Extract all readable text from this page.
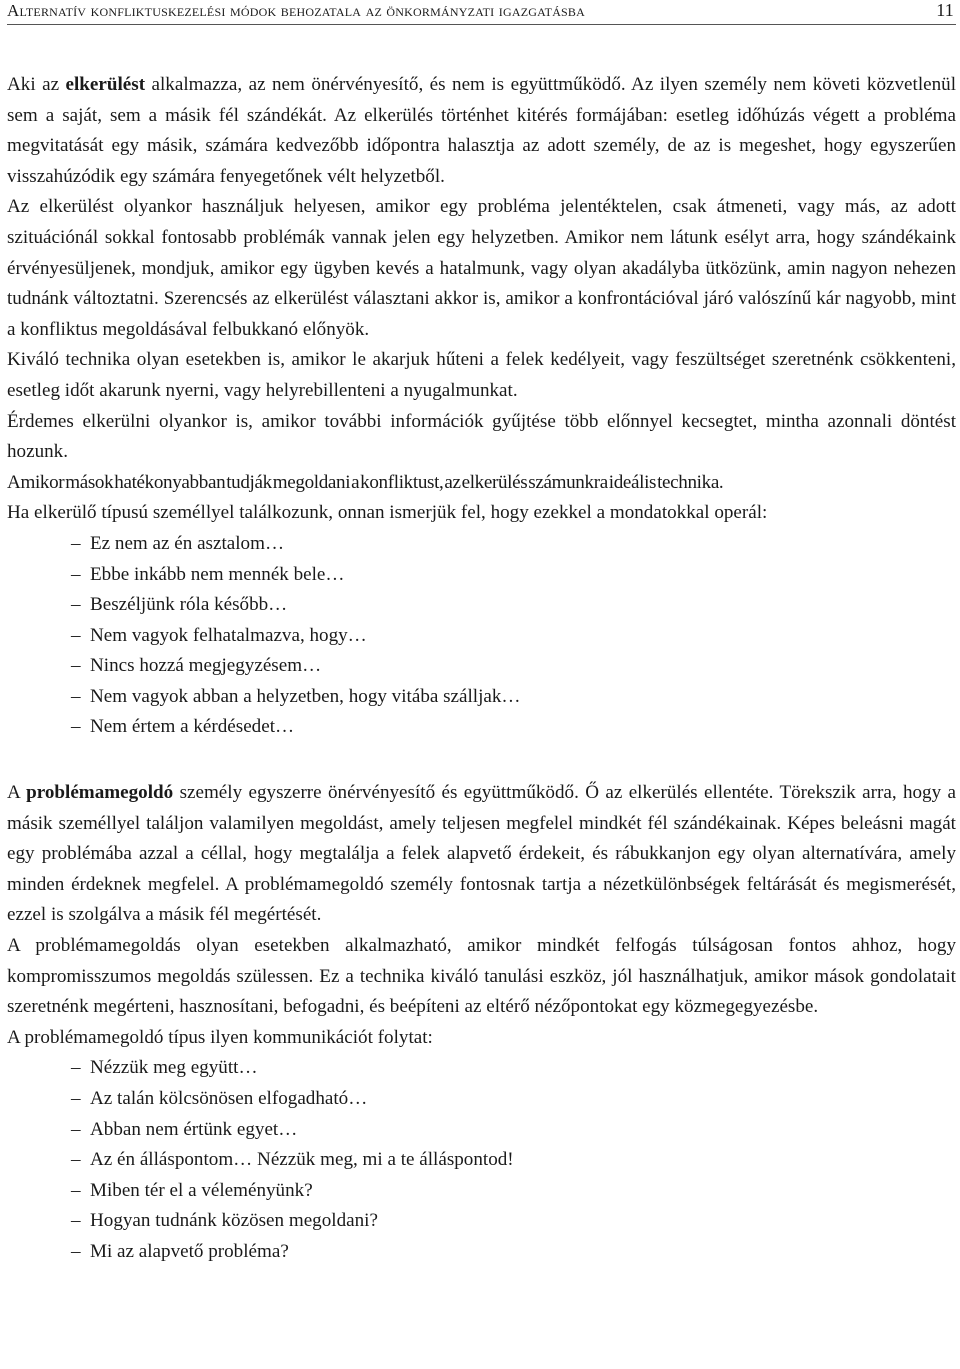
Alternatív konfliktuskezelési módok behozatala az önkormányzati igazgatásba	11

Aki az elkerülést alkalmazza, az nem önérvényesítő, és nem is együttműködő. Az ilyen személy nem követi közvetlenül sem a saját, sem a másik fél szándékát. Az elkerülés történhet kitérés formájában: esetleg időhúzás végett a probléma megvitatását egy másik, számára kedvezőbb időpontra halasztja az adott személy, de az is megeshet, hogy egyszerűen visszahúzódik egy számára fenyegetőnek vélt helyzetből.

Az elkerülést olyankor használjuk helyesen, amikor egy probléma jelentéktelen, csak átmeneti, vagy más, az adott szituációnál sokkal fontosabb problémák vannak jelen egy helyzetben. Amikor nem látunk esélyt arra, hogy szándékaink érvényesüljenek, mondjuk, amikor egy ügyben kevés a hatalmunk, vagy olyan akadályba ütközünk, amin nagyon nehezen tudnánk változtatni. Szerencsés az elkerülést választani akkor is, amikor a konfrontációval járó valószínű kár nagyobb, mint a konfliktus megoldásával felbukkanó előnyök.

Kiváló technika olyan esetekben is, amikor le akarjuk hűteni a felek kedélyeit, vagy feszültséget szeretnénk csökkenteni, esetleg időt akarunk nyerni, vagy helyrebillenteni a nyugalmunkat.

Érdemes elkerülni olyankor is, amikor további információk gyűjtése több előnnyel kecsegtet, mintha azonnali döntést hozunk.

Amikor mások hatékonyabban tudják megoldani a konfliktust, az elkerülés számunkra ideális technika.

Ha elkerülő típusú személlyel találkozunk, onnan ismerjük fel, hogy ezekkel a mondatokkal operál:

– Ez nem az én asztalom…
– Ebbe inkább nem mennék bele…
– Beszéljünk róla később…
– Nem vagyok felhatalmazva, hogy…
– Nincs hozzá megjegyzésem…
– Nem vagyok abban a helyzetben, hogy vitába szálljak…
– Nem értem a kérdésedet…

A problémamegoldó személy egyszerre önérvényesítő és együttműködő. Ő az elkerülés ellentéte. Törekszik arra, hogy a másik személlyel találjon valamilyen megoldást, amely teljesen megfelel mindkét fél szándékainak. Képes beleásni magát egy problémába azzal a céllal, hogy megtalálja a felek alapvető érdekeit, és rábukkanjon egy olyan alternatívára, amely minden érdeknek megfelel. A problémamegoldó személy fontosnak tartja a nézetkülönbségek feltárását és megismerését, ezzel is szolgálva a másik fél megértését.

A problémamegoldás olyan esetekben alkalmazható, amikor mindkét felfogás túlságosan fontos ahhoz, hogy kompromisszumos megoldás szülessen. Ez a technika kiváló tanulási eszköz, jól használhatjuk, amikor mások gondolatait szeretnénk megérteni, hasznosítani, befogadni, és beépíteni az eltérő nézőpontokat egy közmegegyezésbe.

A problémamegoldó típus ilyen kommunikációt folytat:

– Nézzük meg együtt…
– Az talán kölcsönösen elfogadható…
– Abban nem értünk egyet…
– Az én álláspontom… Nézzük meg, mi a te álláspontod!
– Miben tér el a véleményünk?
– Hogyan tudnánk közösen megoldani?
– Mi az alapvető probléma?
